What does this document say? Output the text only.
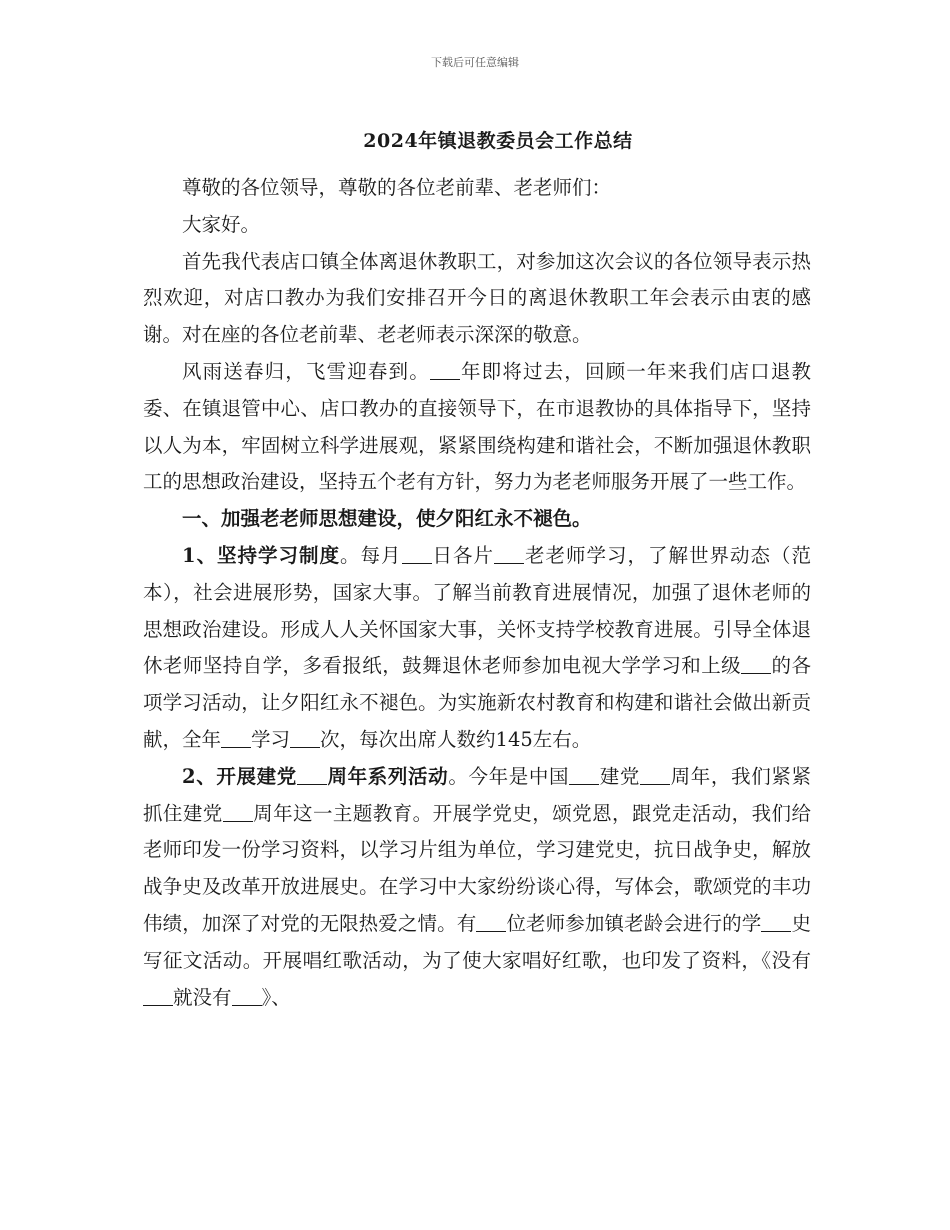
下载后可任意编辑
2024年镇退教委员会工作总结

尊敬的各位领导，尊敬的各位老前辈、老老师们：

大家好。

首先我代表店口镇全体离退休教职工，对参加这次会议的各位领导表示热烈欢迎，对店口教办为我们安排召开今日的离退休教职工年会表示由衷的感谢。对在座的各位老前辈、老老师表示深深的敬意。

风雨送春归，飞雪迎春到。 年即将过去，回顾一年来我们店口退教委、在镇退管中心、店口教办的直接领导下，在市退教协的具体指导下，坚持以人为本，牢固树立科学进展观，紧紧围绕构建和谐社会，不断加强退休教职工的思想政治建设，坚持五个老有方针，努力为老老师服务开展了一些工作。

一、加强老老师思想建设，使夕阳红永不褪色。

1、坚持学习制度。每月 日各片 老老师学习，了解世界动态（范本），社会进展形势，国家大事。了解当前教育进展情况，加强了退休老师的思想政治建设。形成人人关怀国家大事，关怀支持学校教育进展。引导全体退休老师坚持自学，多看报纸，鼓舞退休老师参加电视大学学习和上级 的各项学习活动，让夕阳红永不褪色。为实施新农村教育和构建和谐社会做出新贡献，全年 学习 次，每次出席人数约145左右。

2、开展建党 周年系列活动。今年是中国 建党 周年，我们紧紧抓住建党 周年这一主题教育。开展学党史，颂党恩，跟党走活动，我们给老师印发一份学习资料，以学习片组为单位，学习建党史，抗日战争史，解放战争史及改革开放进展史。在学习中大家纷纷谈心得，写体会，歌颂党的丰功伟绩，加深了对党的无限热爱之情。有 位老师参加镇老龄会进行的学 史写征文活动。开展唱红歌活动，为了使大家唱好红歌，也印发了资料，《没有就没有 》、
